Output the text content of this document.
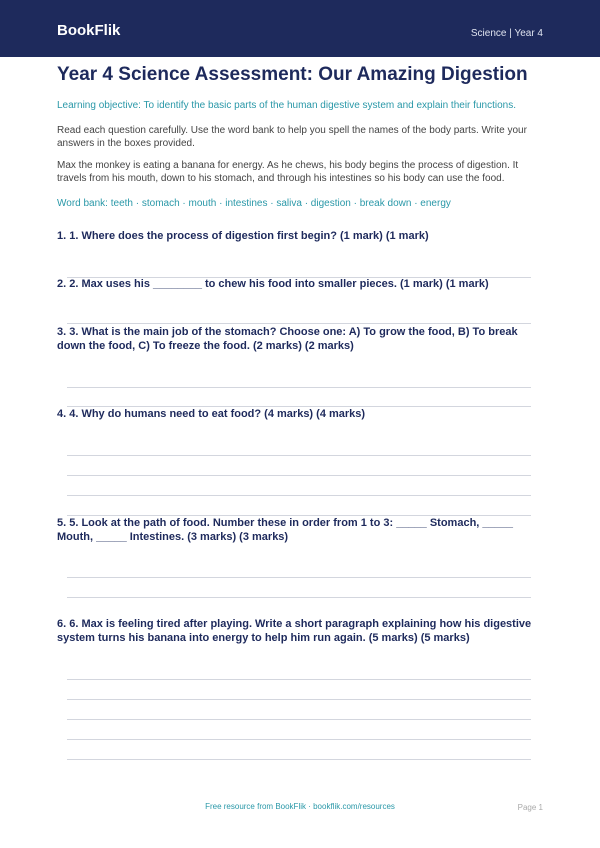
BookFlik	Science | Year 4
Year 4 Science Assessment: Our Amazing Digestion
Learning objective: To identify the basic parts of the human digestive system and explain their functions.
Read each question carefully. Use the word bank to help you spell the names of the body parts. Write your answers in the boxes provided.
Max the monkey is eating a banana for energy. As he chews, his body begins the process of digestion. It travels from his mouth, down to his stomach, and through his intestines so his body can use the food.
Word bank: teeth · stomach · mouth · intestines · saliva · digestion · break down · energy

1. 1. Where does the process of digestion first begin? (1 mark) (1 mark)

2. 2. Max uses his ________ to chew his food into smaller pieces. (1 mark) (1 mark)

3. 3. What is the main job of the stomach? Choose one: A) To grow the food, B) To break down the food, C) To freeze the food. (2 marks) (2 marks)

4. 4. Why do humans need to eat food? (4 marks) (4 marks)

5. 5. Look at the path of food. Number these in order from 1 to 3: _____ Stomach, _____ Mouth, _____ Intestines. (3 marks) (3 marks)

6. 6. Max is feeling tired after playing. Write a short paragraph explaining how his digestive system turns his banana into energy to help him run again. (5 marks) (5 marks)

Free resource from BookFlik · bookflik.com/resources	Page 1
